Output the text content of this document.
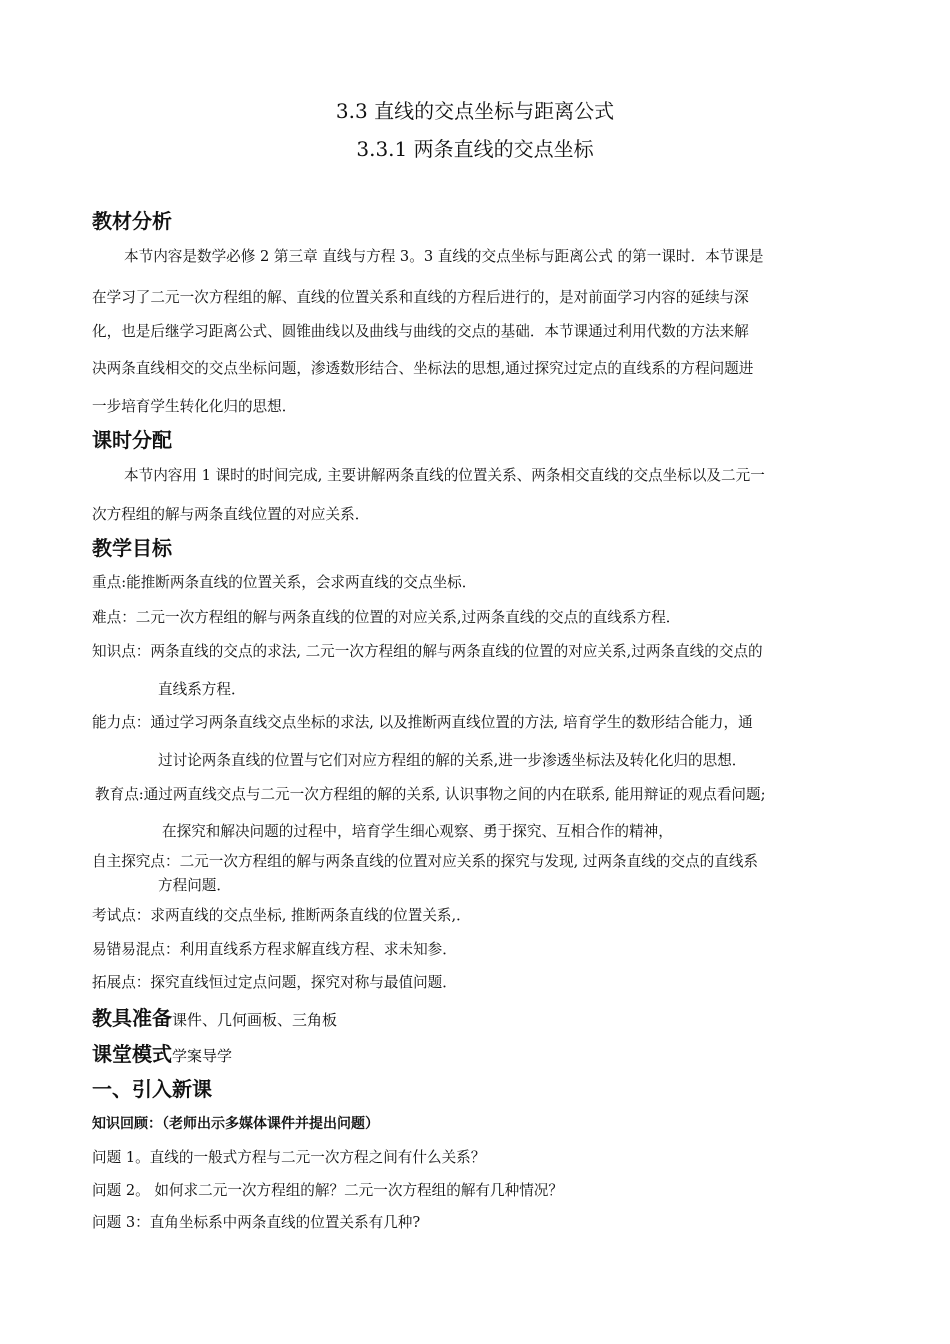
3.3 直线的交点坐标与距离公式
3.3.1 两条直线的交点坐标
教材分析
本节内容是数学必修 2 第三章 直线与方程 3。3 直线的交点坐标与距离公式 的第一课时．本节课是
在学习了二元一次方程组的解、直线的位置关系和直线的方程后进行的，是对前面学习内容的延续与深
化，也是后继学习距离公式、圆锥曲线以及曲线与曲线的交点的基础．本节课通过利用代数的方法来解
决两条直线相交的交点坐标问题，渗透数形结合、坐标法的思想,通过探究过定点的直线系的方程问题进
一步培育学生转化化归的思想．
课时分配
本节内容用 1 课时的时间完成, 主要讲解两条直线的位置关系、两条相交直线的交点坐标以及二元一
次方程组的解与两条直线位置的对应关系．
教学目标
重点:能推断两条直线的位置关系，会求两直线的交点坐标．
难点：二元一次方程组的解与两条直线的位置的对应关系,过两条直线的交点的直线系方程．
知识点：两条直线的交点的求法, 二元一次方程组的解与两条直线的位置的对应关系,过两条直线的交点的
直线系方程．
能力点：通过学习两条直线交点坐标的求法, 以及推断两直线位置的方法, 培育学生的数形结合能力，通
过讨论两条直线的位置与它们对应方程组的解的关系,进一步渗透坐标法及转化化归的思想．
教育点:通过两直线交点与二元一次方程组的解的关系, 认识事物之间的内在联系, 能用辩证的观点看问题;
在探究和解决问题的过程中，培育学生细心观察、勇于探究、互相合作的精神，
自主探究点：二元一次方程组的解与两条直线的位置对应关系的探究与发现, 过两条直线的交点的直线系
方程问题．
考试点：求两直线的交点坐标, 推断两条直线的位置关系,．
易错易混点：利用直线系方程求解直线方程、求未知参．
拓展点：探究直线恒过定点问题，探究对称与最值问题．
教具准备课件、几何画板、三角板
课堂模式学案导学
一、引入新课
知识回顾：（老师出示多媒体课件并提出问题）
问题 1。直线的一般式方程与二元一次方程之间有什么关系？
问题 2。 如何求二元一次方程组的解？二元一次方程组的解有几种情况？
问题 3：直角坐标系中两条直线的位置关系有几种?
